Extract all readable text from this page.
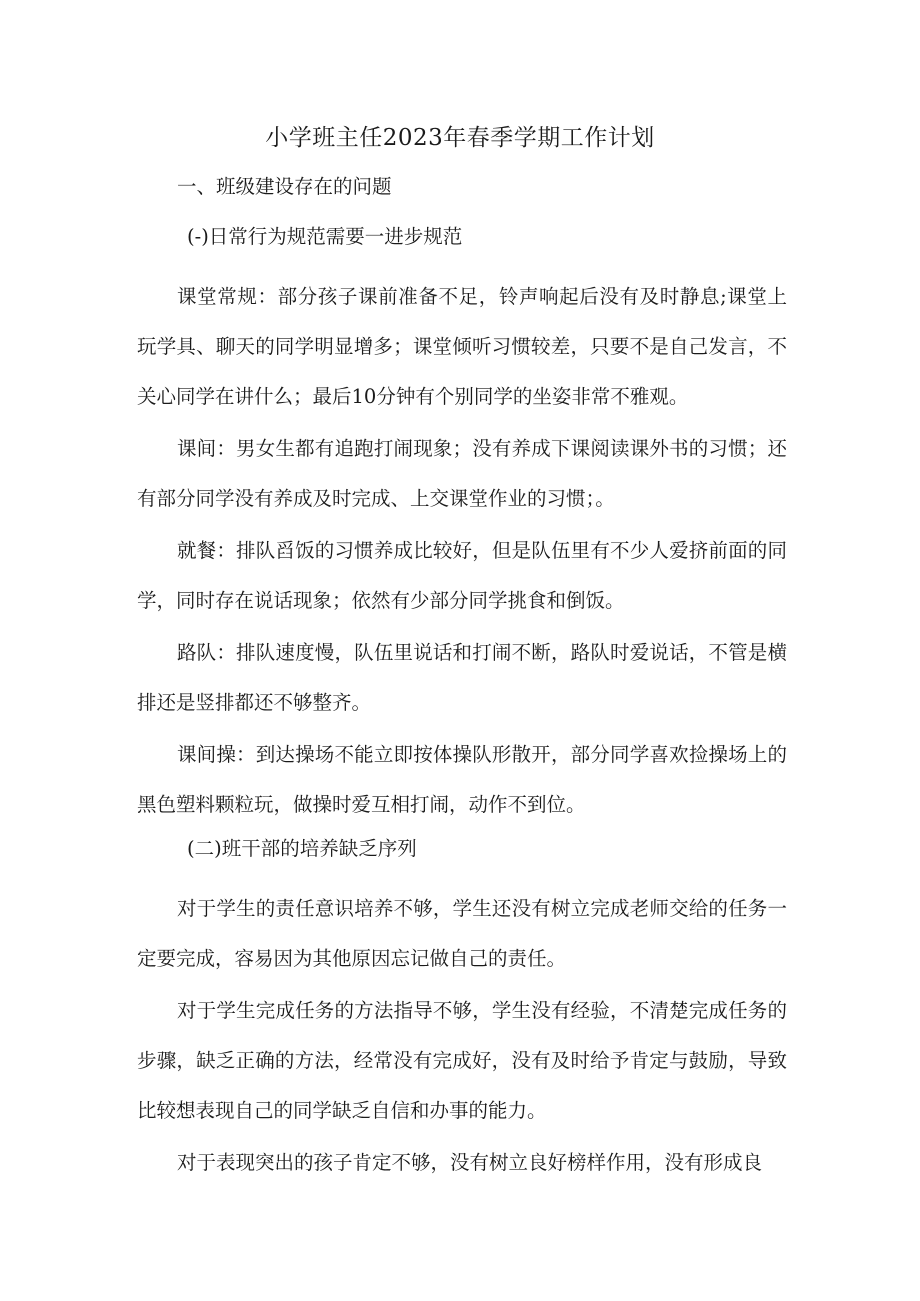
小学班主任2023年春季学期工作计划

一、班级建设存在的问题

(-)日常行为规范需要一进步规范

课堂常规：部分孩子课前准备不足，铃声响起后没有及时静息;课堂上玩学具、聊天的同学明显增多；课堂倾听习惯较差，只要不是自己发言，不关心同学在讲什么；最后10分钟有个别同学的坐姿非常不雅观。

课间：男女生都有追跑打闹现象；没有养成下课阅读课外书的习惯；还有部分同学没有养成及时完成、上交课堂作业的习惯；。

就餐：排队舀饭的习惯养成比较好，但是队伍里有不少人爱挤前面的同学，同时存在说话现象；依然有少部分同学挑食和倒饭。

路队：排队速度慢，队伍里说话和打闹不断，路队时爱说话，不管是横排还是竖排都还不够整齐。

课间操：到达操场不能立即按体操队形散开，部分同学喜欢捡操场上的黑色塑料颗粒玩，做操时爱互相打闹，动作不到位。

(二)班干部的培养缺乏序列

对于学生的责任意识培养不够，学生还没有树立完成老师交给的任务一定要完成，容易因为其他原因忘记做自己的责任。

对于学生完成任务的方法指导不够，学生没有经验，不清楚完成任务的步骤，缺乏正确的方法，经常没有完成好，没有及时给予肯定与鼓励，导致比较想表现自己的同学缺乏自信和办事的能力。

对于表现突出的孩子肯定不够，没有树立良好榜样作用，没有形成良
